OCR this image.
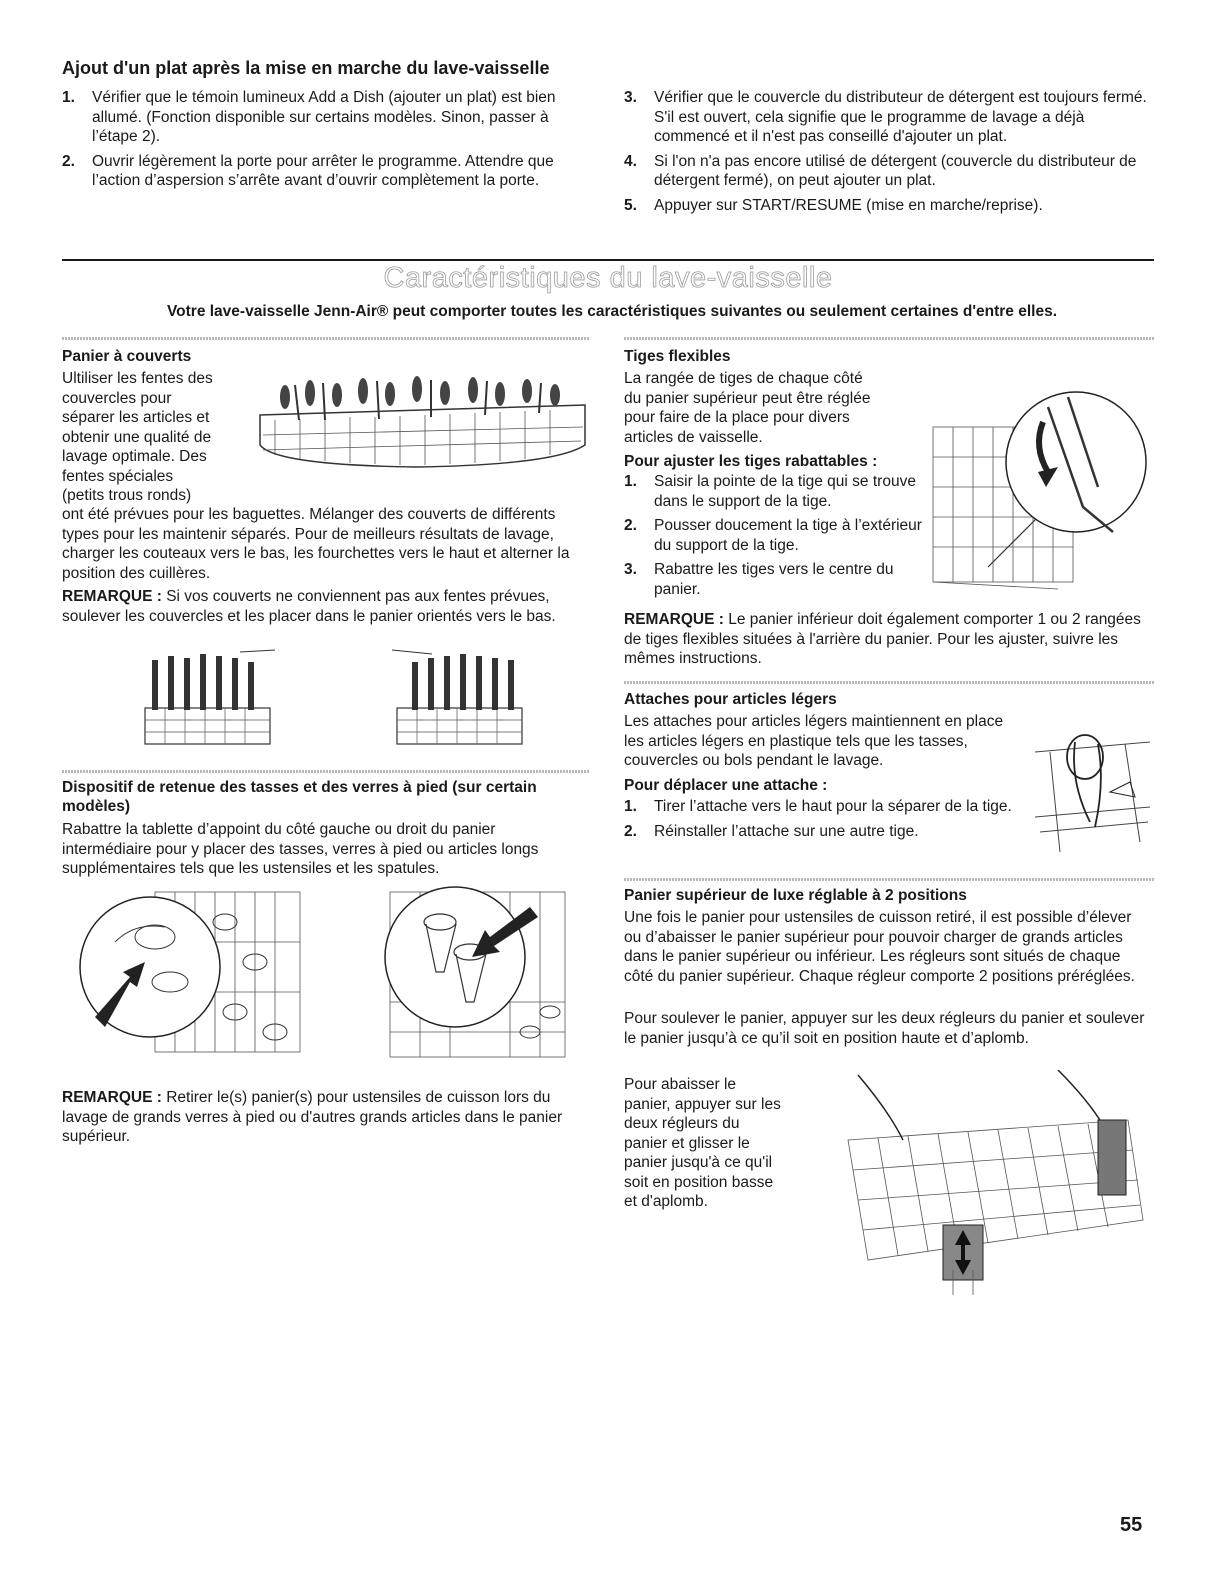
Ajout d'un plat après la mise en marche du lave-vaisselle
1. Vérifier que le témoin lumineux Add a Dish (ajouter un plat) est bien allumé. (Fonction disponible sur certains modèles. Sinon, passer à l’étape 2).
2. Ouvrir légèrement la porte pour arrêter le programme. Attendre que l’action d’aspersion s’arrête avant d’ouvrir complètement la porte.
3. Vérifier que le couvercle du distributeur de détergent est toujours fermé. S'il est ouvert, cela signifie que le programme de lavage a déjà commencé et il n'est pas conseillé d'ajouter un plat.
4. Si l'on n'a pas encore utilisé de détergent (couvercle du distributeur de détergent fermé), on peut ajouter un plat.
5. Appuyer sur START/RESUME (mise en marche/reprise).
Caractéristiques du lave-vaisselle
Votre lave-vaisselle Jenn-Air® peut comporter toutes les caractéristiques suivantes ou seulement certaines d'entre elles.
Panier à couverts
Ultiliser les fentes des
couvercles pour
séparer les articles et
obtenir une qualité de
lavage optimale. Des
fentes spéciales
(petits trous ronds)
ont été prévues pour les baguettes. Mélanger des couverts de différents types pour les maintenir séparés. Pour de meilleurs résultats de lavage, charger les couteaux vers le bas, les fourchettes vers le haut et alterner la position des cuillères.
REMARQUE : Si vos couverts ne conviennent pas aux fentes prévues, soulever les couvercles et les placer dans le panier orientés vers le bas.
Dispositif de retenue des tasses et des verres à pied (sur certain modèles)
Rabattre la tablette d’appoint du côté gauche ou droit du panier intermédiaire pour y placer des tasses, verres à pied ou articles longs supplémentaires tels que les ustensiles et les spatules.
REMARQUE : Retirer le(s) panier(s) pour ustensiles de cuisson lors du lavage de grands verres à pied ou d'autres grands articles dans le panier supérieur.
Tiges flexibles
La rangée de tiges de chaque côté
du panier supérieur peut être réglée
pour faire de la place pour divers
articles de vaisselle.
Pour ajuster les tiges rabattables :
1. Saisir la pointe de la tige qui se trouve dans le support de la tige.
2. Pousser doucement la tige à l’extérieur du support de la tige.
3. Rabattre les tiges vers le centre du panier.
REMARQUE : Le panier inférieur doit également comporter 1 ou 2 rangées de tiges flexibles situées à l'arrière du panier. Pour les ajuster, suivre les mêmes instructions.
Attaches pour articles légers
Les attaches pour articles légers maintiennent en place les articles légers en plastique tels que les tasses, couvercles ou bols pendant le lavage.
Pour déplacer une attache :
1. Tirer l’attache vers le haut pour la séparer de la tige.
2. Réinstaller l’attache sur une autre tige.
Panier supérieur de luxe réglable à 2 positions
Une fois le panier pour ustensiles de cuisson retiré, il est possible d’élever ou d’abaisser le panier supérieur pour pouvoir charger de grands articles dans le panier supérieur ou inférieur. Les régleurs sont situés de chaque côté du panier supérieur. Chaque régleur comporte 2 positions préréglées.
Pour soulever le panier, appuyer sur les deux régleurs du panier et soulever le panier jusqu’à ce qu’il soit en position haute et d’aplomb.
Pour abaisser le
panier, appuyer sur les
deux régleurs du
panier et glisser le
panier jusqu'à ce qu'il
soit en position basse
et d'aplomb.
55
